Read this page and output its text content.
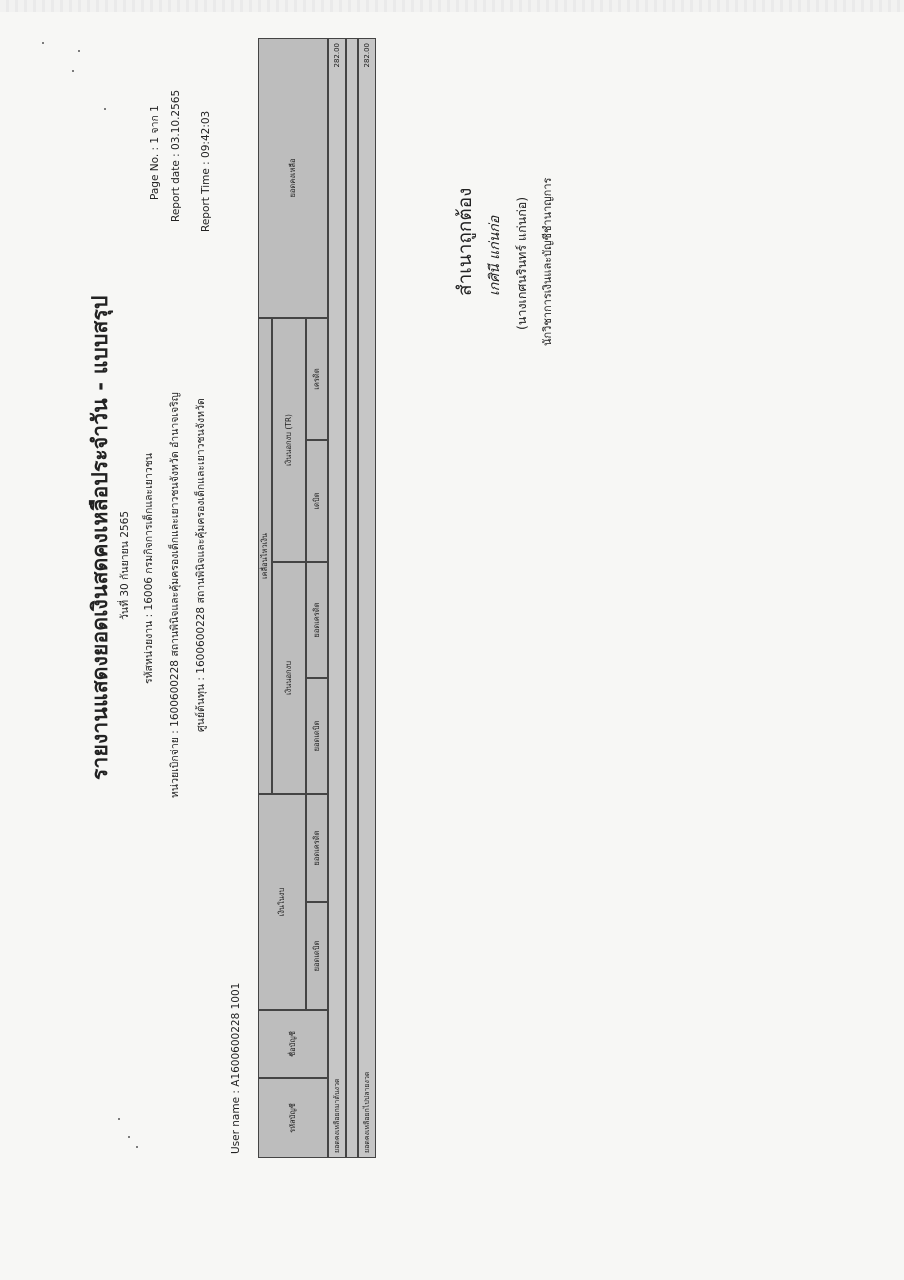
รายงานแสดงยอดเงินสดคงเหลือประจำวัน - แบบสรุป วันที่ 30 กันยายน 2565 รหัสหน่วยงาน : 16006 กรมกิจการเด็กและเยาวชน หน่วยเบิกจ่าย : 1600600228 สถานพินิจและคุ้มครองเด็กและเยาวชนจังหวัด อำนาจเจริญ ศูนย์ต้นทุน : 1600600228 สถานพินิจและคุ้มครองเด็กและเยาวชนจังหวัด
Page No. : 1 จาก 1 Report date : 03.10.2565 Report Time : 09:42:03
User name : A1600600228 1001	รหัสบัญชี
ชื่อบัญชี
เงินในงบ
ยอดเดบิต
ยอดเครดิต
เคลื่อนไหวเงิน
เงินนอกงบ
ยอดเดบิต
ยอดเครดิต
เงินนอกงบ (TR)
เดบิต
เครดิต
ยอดคงเหลือ
ยอดคงเหลือยกมาต้นงวด
282.00
ยอดคงเหลือยกไปปลายงวด
282.00
สำเนาถูกต้อง เกศินี แก่นก่อ (นางเกศนรินทร์ แก่นก่อ) นักวิชาการเงินและบัญชีชำนาญการ
